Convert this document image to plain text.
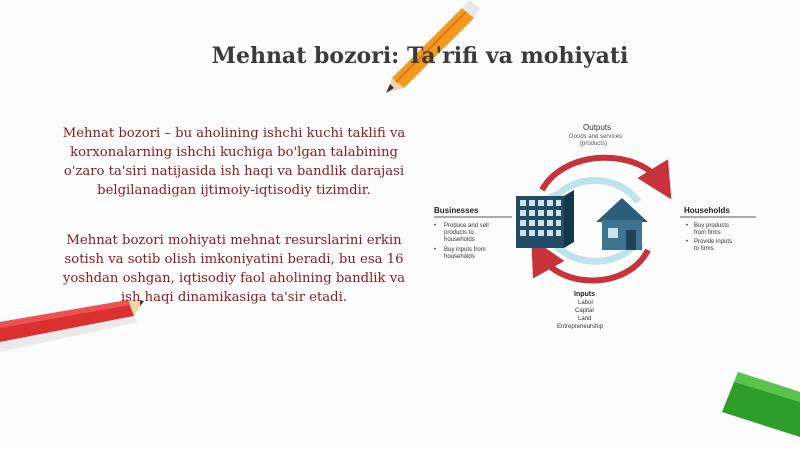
Mehnat bozori: Ta'rifi va mohiyati

Mehnat bozori – bu aholining ishchi kuchi taklifi va korxonalarning ishchi kuchiga bo'lgan talabining o'zaro ta'siri natijasida ish haqi va bandlik darajasi belgilanadigan ijtimoiy-iqtisodiy tizimdir.

Mehnat bozori mohiyati mehnat resurslarini erkin sotish va sotib olish imkoniyatini beradi, bu esa 16 yoshdan oshgan, iqtisodiy faol aholining bandlik va ish haqi dinamikasiga ta'sir etadi.

Outputs
Goods and services
(products)
Businesses
• Produce and sell
products to
households
• Buy inputs from
households
Households
• Buy products
from firms
• Provide inputs
to firms
Inputs
Labor
Capital
Land
Entrepreneurship
